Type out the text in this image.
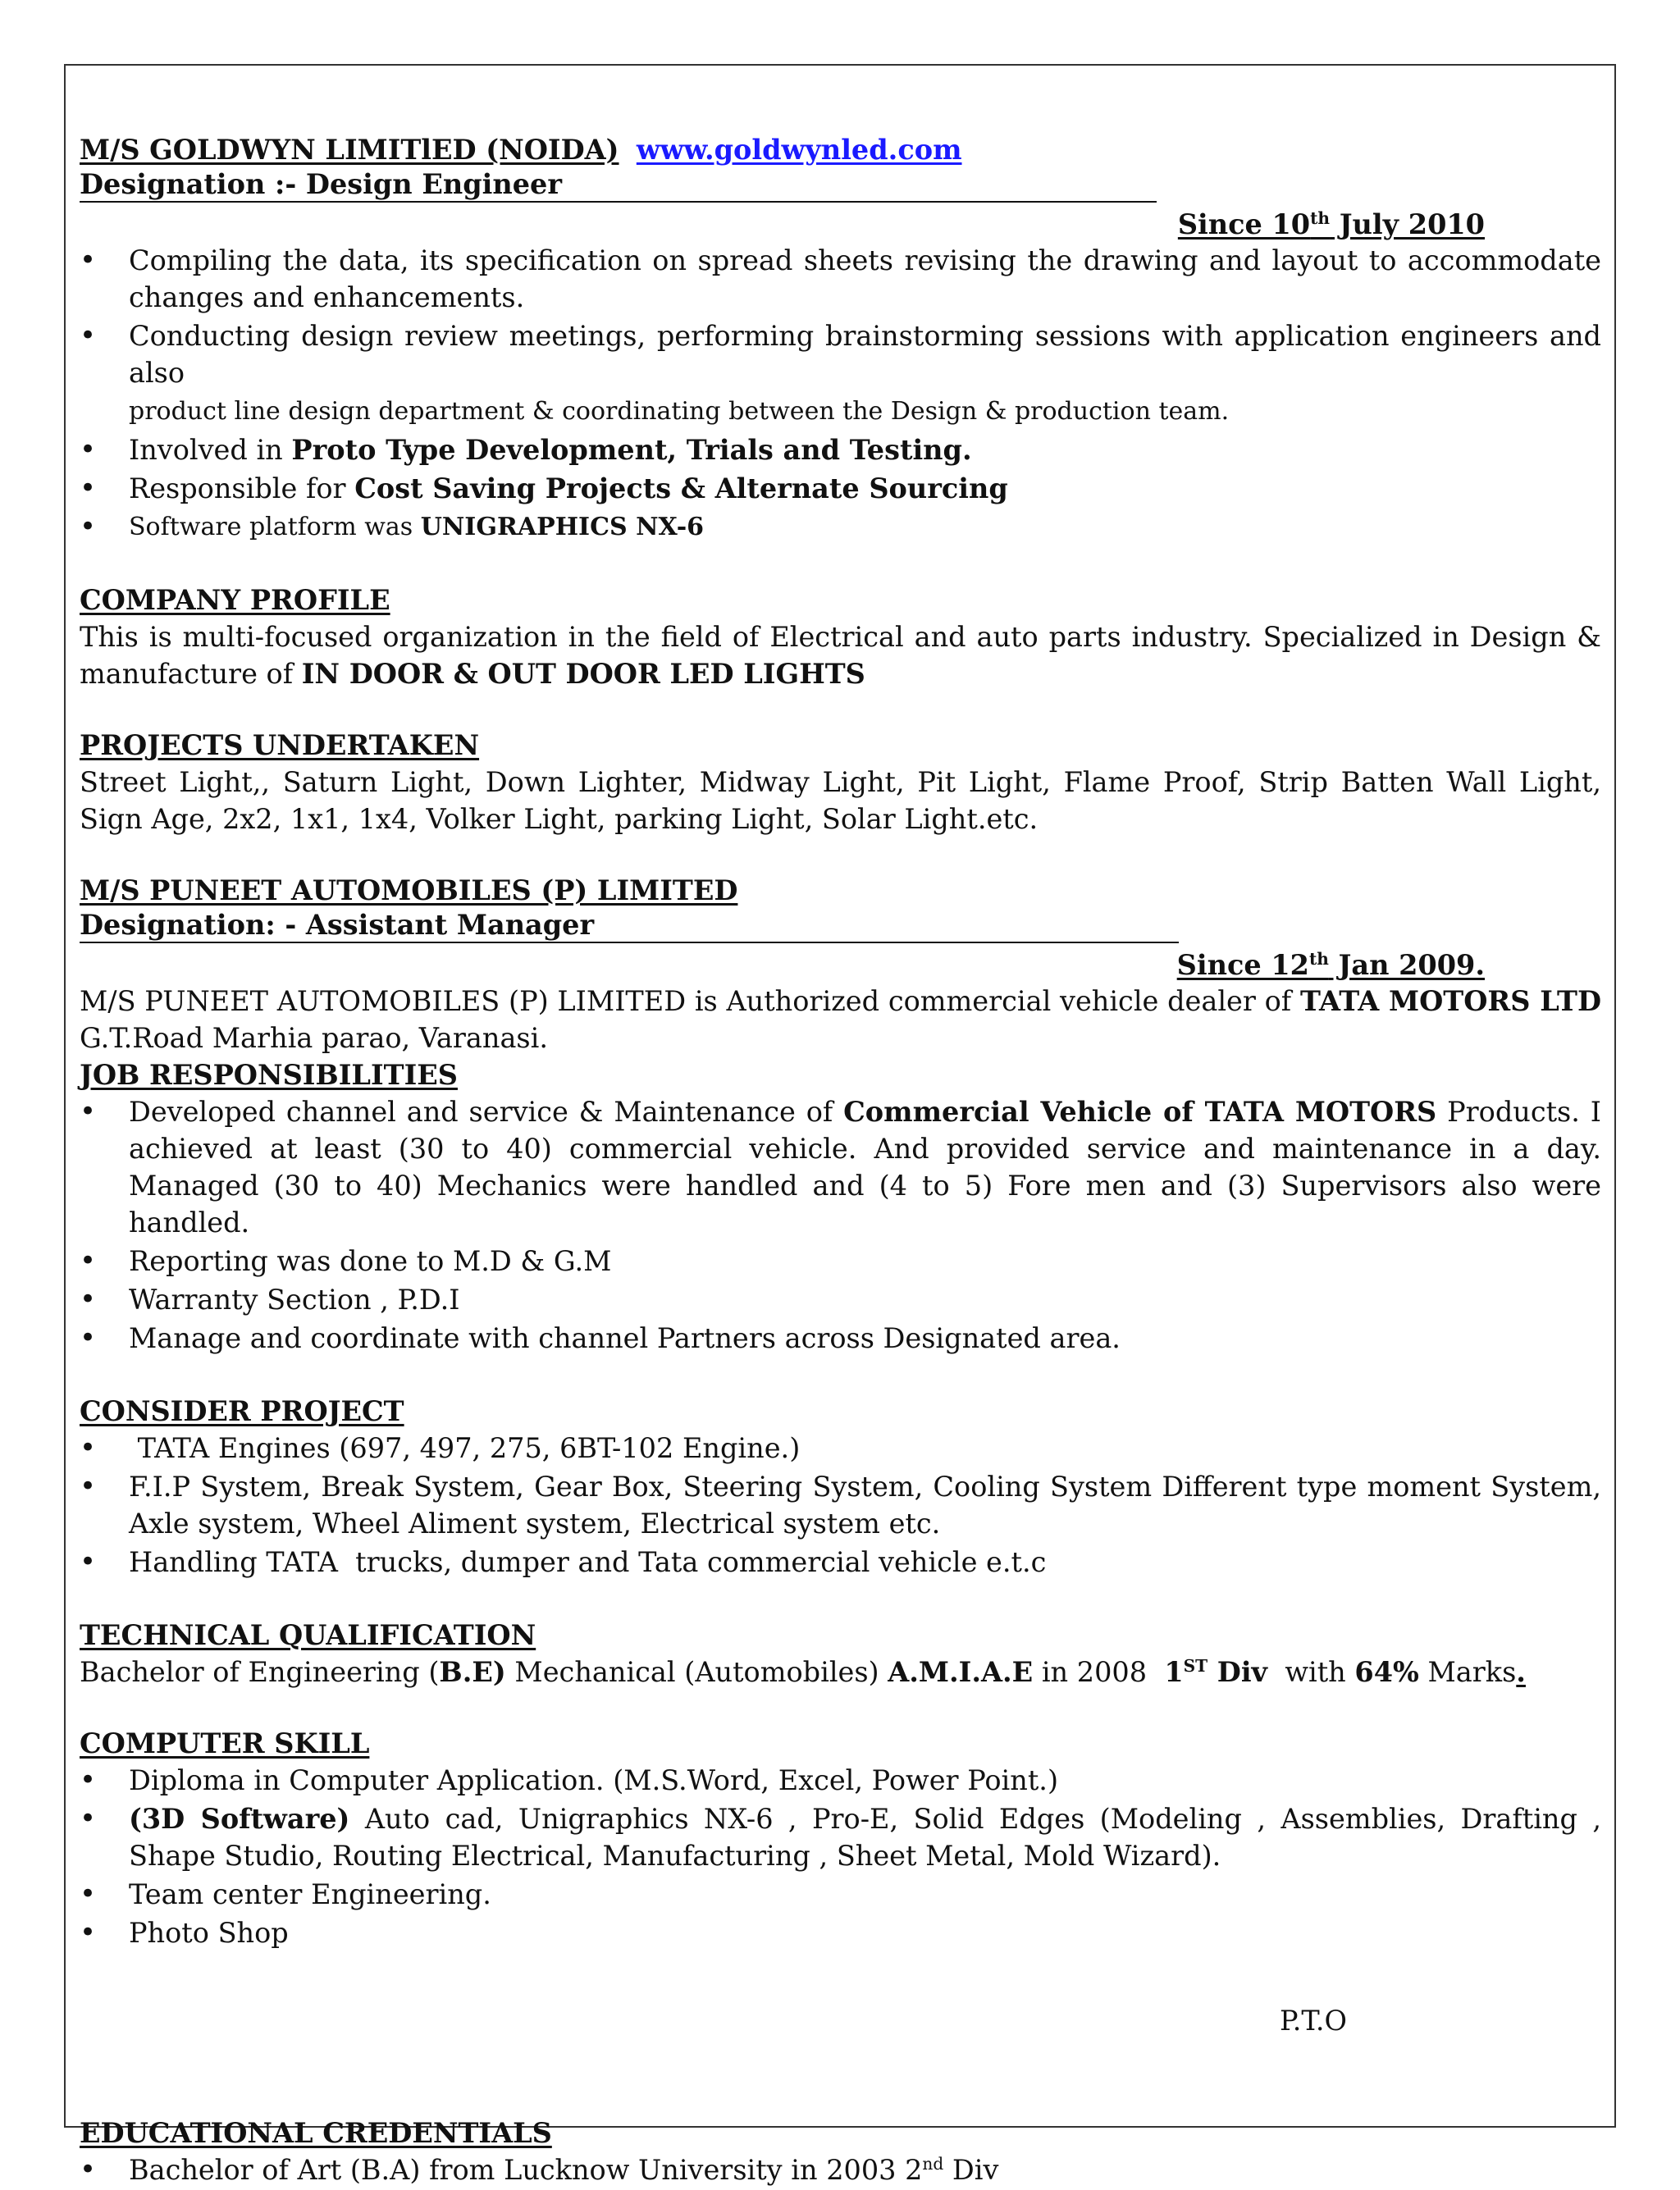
M/S GOLDWYN LIMITlED (NOIDA) www.goldwynled.com

Designation :- Design Engineer

Since 10th July 2010

• Compiling the data, its specification on spread sheets revising the drawing and layout to accommodate changes and enhancements.
• Conducting design review meetings, performing brainstorming sessions with application engineers and also
product line design department & coordinating between the Design & production team.
• Involved in Proto Type Development, Trials and Testing.
• Responsible for Cost Saving Projects & Alternate Sourcing
• Software platform was UNIGRAPHICS NX-6

COMPANY PROFILE

This is multi-focused organization in the field of Electrical and auto parts industry. Specialized in Design & manufacture of IN DOOR & OUT DOOR LED LIGHTS

PROJECTS UNDERTAKEN

Street Light,, Saturn Light, Down Lighter, Midway Light, Pit Light, Flame Proof, Strip Batten Wall Light, Sign Age, 2x2, 1x1, 1x4, Volker Light, parking Light, Solar Light.etc.

M/S PUNEET AUTOMOBILES (P) LIMITED

Designation: - Assistant Manager

Since 12th Jan 2009.

M/S PUNEET AUTOMOBILES (P) LIMITED is Authorized commercial vehicle dealer of TATA MOTORS LTD G.T.Road Marhia parao, Varanasi.

JOB RESPONSIBILITIES

• Developed channel and service & Maintenance of Commercial Vehicle of TATA MOTORS Products. I achieved at least (30 to 40) commercial vehicle. And provided service and maintenance in a day. Managed (30 to 40) Mechanics were handled and (4 to 5) Fore men and (3) Supervisors also were handled.
• Reporting was done to M.D & G.M
• Warranty Section , P.D.I
• Manage and coordinate with channel Partners across Designated area.

CONSIDER PROJECT

•  TATA Engines (697, 497, 275, 6BT-102 Engine.)
• F.I.P System, Break System, Gear Box, Steering System, Cooling System Different type moment System, Axle system, Wheel Aliment system, Electrical system etc.
• Handling TATA  trucks, dumper and Tata commercial vehicle e.t.c

TECHNICAL QUALIFICATION

Bachelor of Engineering (B.E) Mechanical (Automobiles) A.M.I.A.E in 2008  1ST Div  with 64% Marks.

COMPUTER SKILL

• Diploma in Computer Application. (M.S.Word, Excel, Power Point.)
• (3D Software) Auto cad, Unigraphics NX-6 , Pro-E, Solid Edges (Modeling , Assemblies, Drafting , Shape Studio, Routing Electrical, Manufacturing , Sheet Metal, Mold Wizard).
• Team center Engineering.
• Photo Shop

P.T.O

EDUCATIONAL CREDENTIALS

• Bachelor of Art (B.A) from Lucknow University in 2003 2nd Div
